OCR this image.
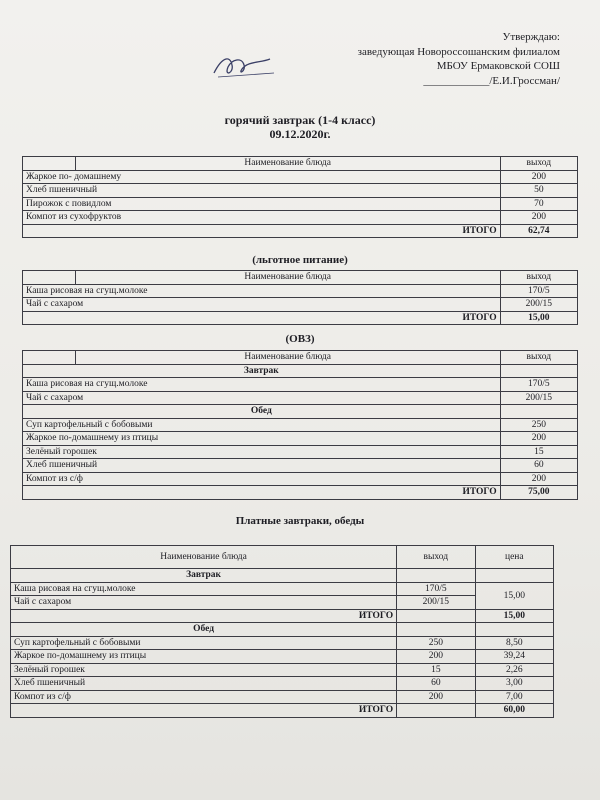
Утверждаю:
заведующая Новороссошанским филиалом
МБОУ Ермаковской СОШ
____________/Е.И.Гроссман/
горячий завтрак (1-4 класс)
09.12.2020г.
	Наименование блюда	выход
Жаркое по- домашнему		200
Хлеб пшеничный		50
Пирожок с повидлом		70
Компот из сухофруктов		200
ИТОГО		62,74
(льготное питание)
	Наименование блюда	выход
Каша рисовая на сгущ.молоке		170/5
Чай с сахаром		200/15
ИТОГО		15,00
(ОВЗ)
	Наименование блюда	выход
Завтрак		
Каша рисовая на сгущ.молоке		170/5
Чай с сахаром		200/15
Обед		
Суп картофельный с бобовыми		250
Жаркое по-домашнему из птицы		200
Зелёный горошек		15
Хлеб пшеничный		60
Компот из с/ф		200
ИТОГО		75,00
Платные завтраки, обеды
Наименование блюда	выход	цена
Завтрак		
Каша рисовая на сгущ.молоке	170/5	15,00
Чай с сахаром	200/15	
ИТОГО		15,00
Обед		
Суп картофельный с бобовыми	250	8,50
Жаркое по-домашнему из птицы	200	39,24
Зелёный горошек	15	2,26
Хлеб пшеничный	60	3,00
Компот из с/ф	200	7,00
ИТОГО		60,00
